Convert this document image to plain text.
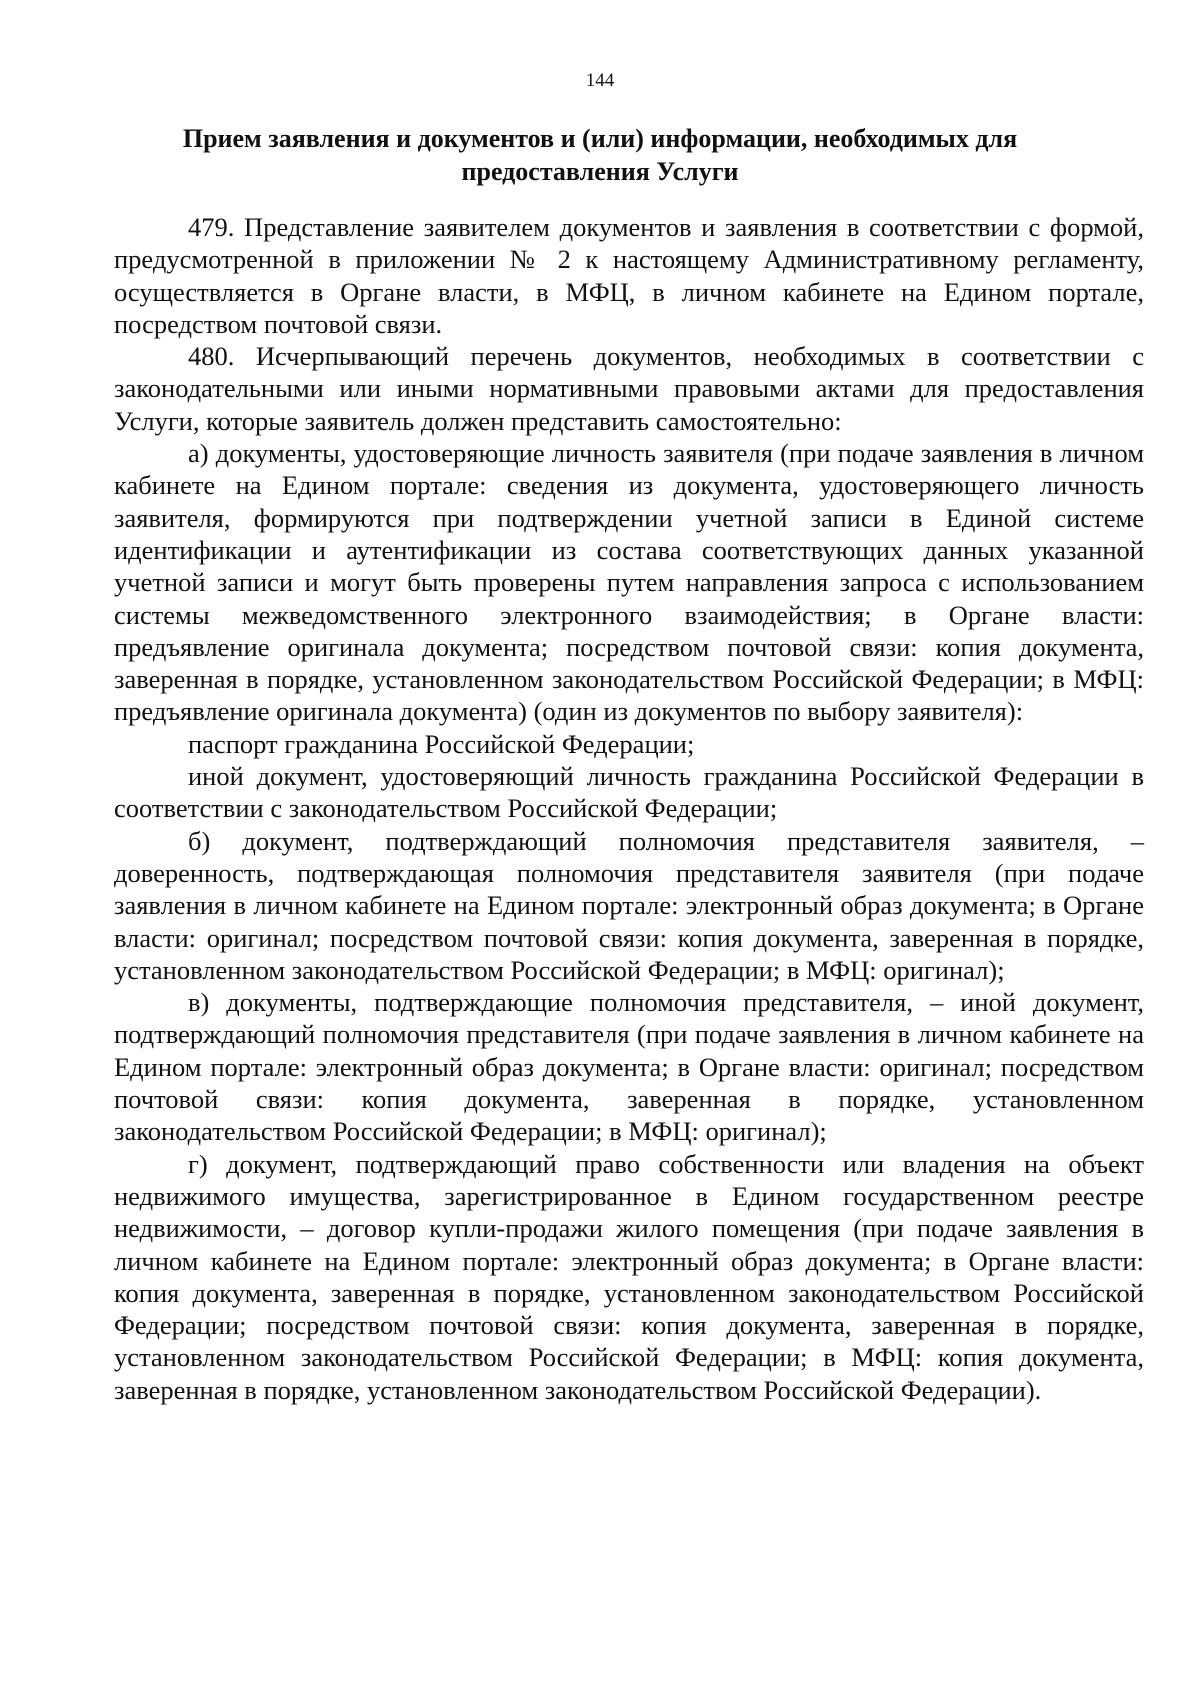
144
Прием заявления и документов и (или) информации, необходимых для
предоставления Услуги

479. Представление заявителем документов и заявления в соответствии с формой, предусмотренной в приложении № 2 к настоящему Административному регламенту, осуществляется в Органе власти, в МФЦ, в личном кабинете на Едином портале, посредством почтовой связи.

480. Исчерпывающий перечень документов, необходимых в соответствии с законодательными или иными нормативными правовыми актами для предоставления Услуги, которые заявитель должен представить самостоятельно:

а) документы, удостоверяющие личность заявителя (при подаче заявления в личном кабинете на Едином портале: сведения из документа, удостоверяющего личность заявителя, формируются при подтверждении учетной записи в Единой системе идентификации и аутентификации из состава соответствующих данных указанной учетной записи и могут быть проверены путем направления запроса с использованием системы межведомственного электронного взаимодействия; в Органе власти: предъявление оригинала документа; посредством почтовой связи: копия документа, заверенная в порядке, установленном законодательством Российской Федерации; в МФЦ: предъявление оригинала документа) (один из документов по выбору заявителя):

паспорт гражданина Российской Федерации;

иной документ, удостоверяющий личность гражданина Российской Федерации в соответствии с законодательством Российской Федерации;

б) документ, подтверждающий полномочия представителя заявителя, – доверенность, подтверждающая полномочия представителя заявителя (при подаче заявления в личном кабинете на Едином портале: электронный образ документа; в Органе власти: оригинал; посредством почтовой связи: копия документа, заверенная в порядке, установленном законодательством Российской Федерации; в МФЦ: оригинал);

в) документы, подтверждающие полномочия представителя, – иной документ, подтверждающий полномочия представителя (при подаче заявления в личном кабинете на Едином портале: электронный образ документа; в Органе власти: оригинал; посредством почтовой связи: копия документа, заверенная в порядке, установленном законодательством Российской Федерации; в МФЦ: оригинал);

г) документ, подтверждающий право собственности или владения на объект недвижимого имущества, зарегистрированное в Едином государственном реестре недвижимости, – договор купли-продажи жилого помещения (при подаче заявления в личном кабинете на Едином портале: электронный образ документа; в Органе власти: копия документа, заверенная в порядке, установленном законодательством Российской Федерации; посредством почтовой связи: копия документа, заверенная в порядке, установленном законодательством Российской Федерации; в МФЦ: копия документа, заверенная в порядке, установленном законодательством Российской Федерации).
